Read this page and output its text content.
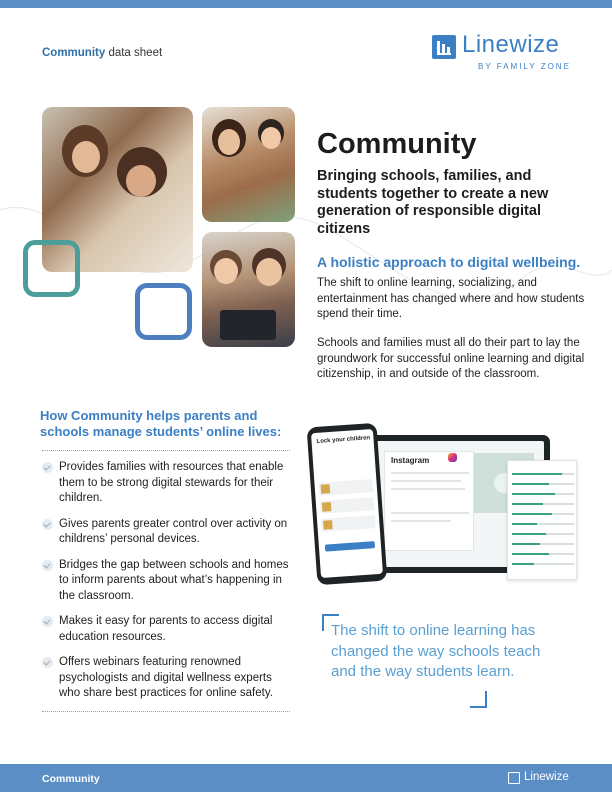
Community data sheet	Linewize
BY FAMILY ZONE
Community
Bringing schools, families, and students together to create a new generation of responsible digital citizens
A holistic approach to digital wellbeing.

The shift to online learning, socializing, and entertainment has changed where and how students spend their time.

Schools and families must all do their part to lay the groundwork for successful online learning and digital citizenship, in and outside of the classroom.

How Community helps parents and schools manage students’ online lives:
Provides families with resources that enable them to be strong digital stewards for their children.
Gives parents greater control over activity on childrens’ personal devices.
Bridges the gap between schools and homes to inform parents about what’s happening in the classroom.
Makes it easy for parents to access digital education resources.
Offers webinars featuring renowned psychologists and digital wellness experts who share best practices for online safety.
Instagram
Lock your children
The shift to online learning has changed the way schools teach and the way students learn.
Community	Linewize
